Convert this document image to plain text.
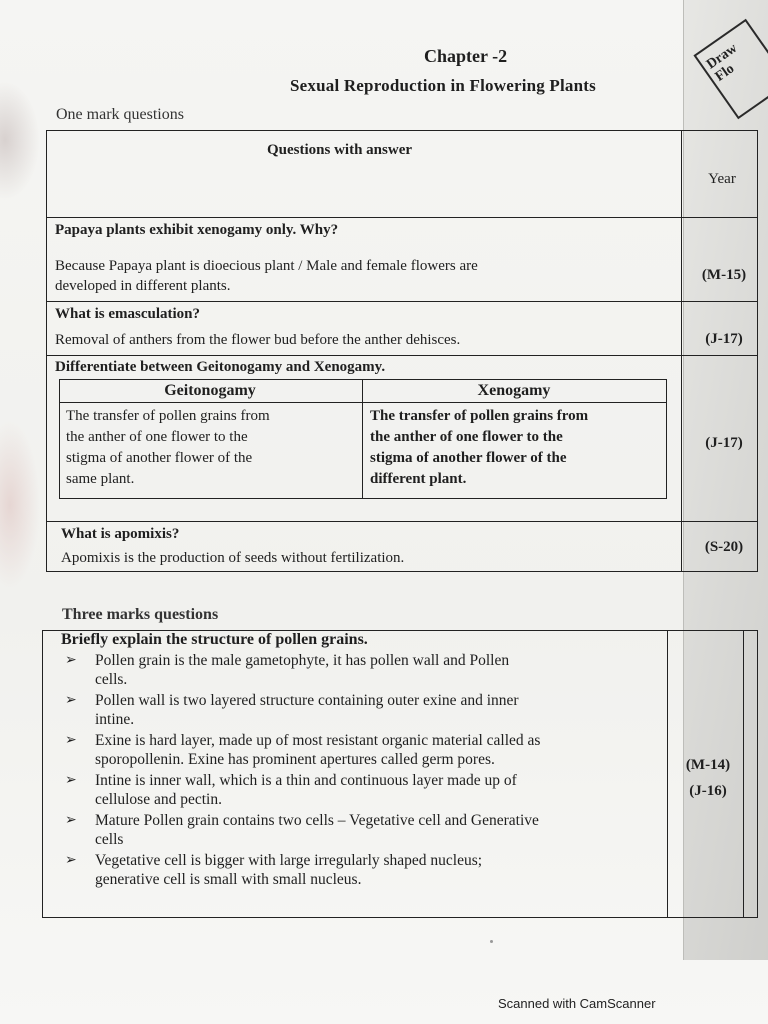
Draw Flo
Chapter -2
Sexual Reproduction in Flowering Plants
One mark questions
Questions with answer
Year
Papaya plants exhibit xenogamy only. Why?
Because Papaya plant is dioecious plant / Male and female flowers are
developed in different plants.
(M-15)
What is emasculation?
Removal of anthers from the flower bud before the anther dehisces.	(J-17)
Differentiate between Geitonogamy and Xenogamy.
(J-17)
Geitonogamy	Xenogamy
The transfer of pollen grains from
the anther of one flower to the
stigma of another flower of the
same plant.
The transfer of pollen grains from
the anther of one flower to the
stigma of another flower of the
different plant.
What is apomixis?
Apomixis is the production of seeds without fertilization.
(S-20)
Three marks questions
Briefly explain the structure of pollen grains.
➢ Pollen grain is the male gametophyte, it has pollen wall and Pollen
cells.
➢ Pollen wall is two layered structure containing outer exine and inner
intine.
➢ Exine is hard layer, made up of most resistant organic material called as
sporopollenin. Exine has prominent apertures called germ pores.
➢ Intine is inner wall, which is a thin and continuous layer made up of
cellulose and pectin.
➢ Mature Pollen grain contains two cells – Vegetative cell and Generative
cells
➢ Vegetative cell is bigger with large irregularly shaped nucleus;
generative cell is small with small nucleus.
(M-14)
(J-16)
Scanned with CamScanner
